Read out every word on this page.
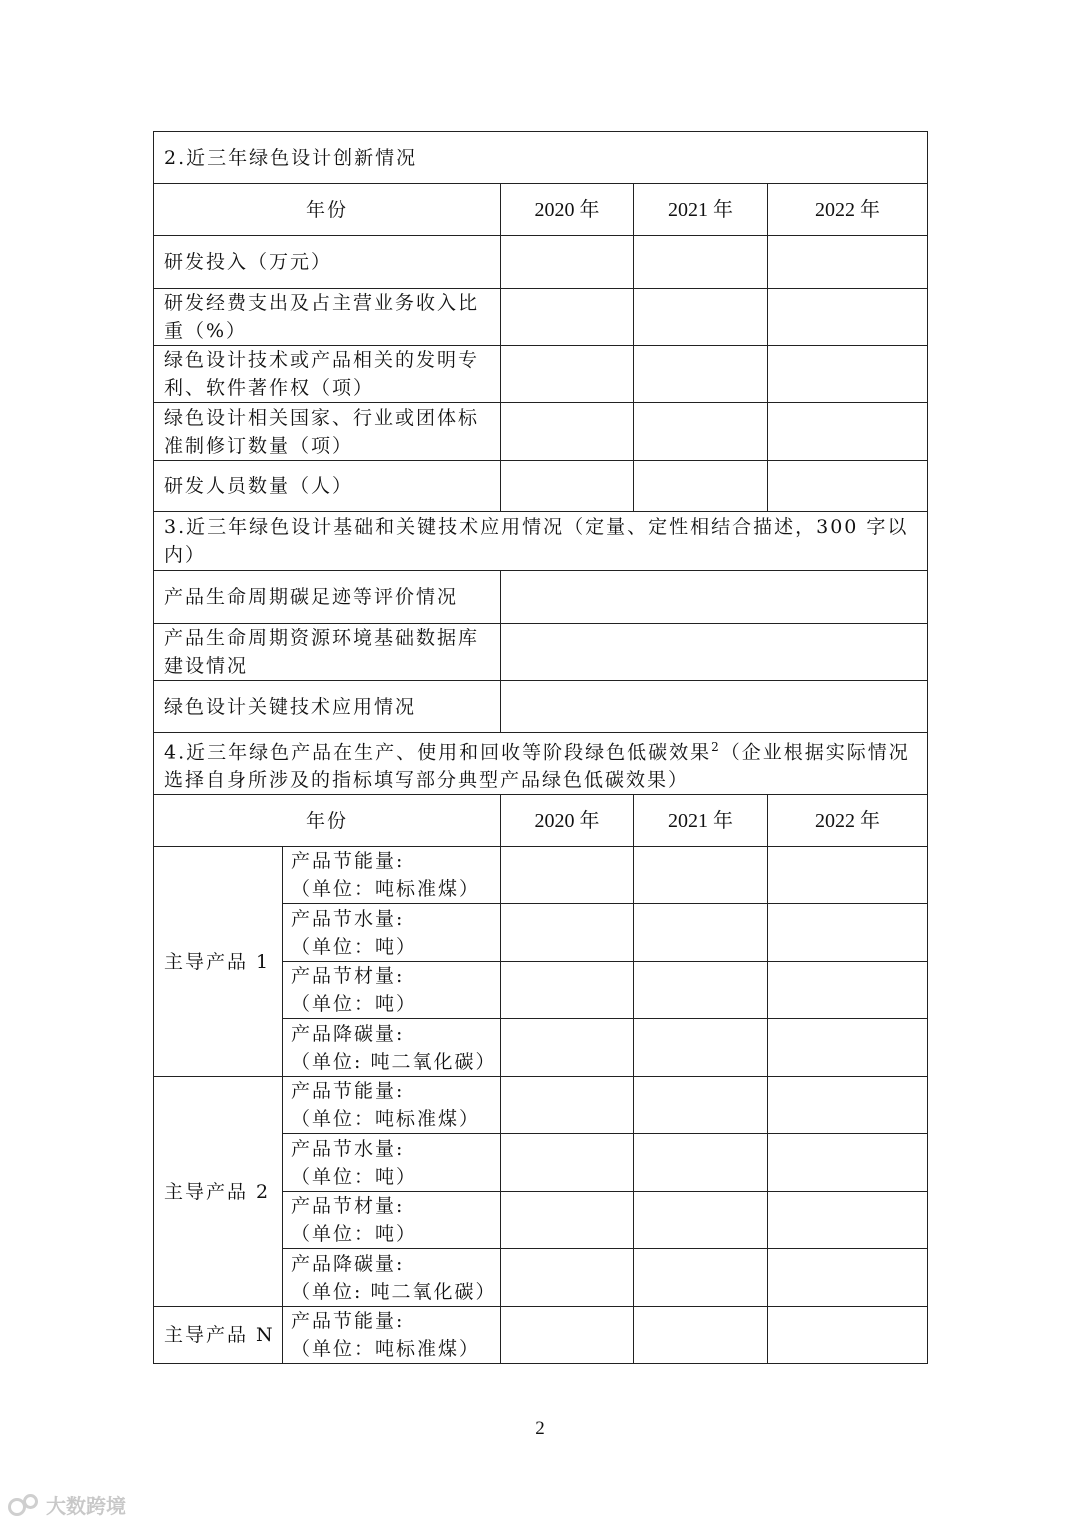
2.近三年绿色设计创新情况				
年份		2020 年	2021 年	2022 年
研发投入（万元）				
研发经费支出及占主营业务收入比重（%）				
绿色设计技术或产品相关的发明专利、软件著作权（项）				
绿色设计相关国家、行业或团体标准制修订数量（项）				
研发人员数量（人）				
3.近三年绿色设计基础和关键技术应用情况（定量、定性相结合描述，300 字以内）				
产品生命周期碳足迹等评价情况				
产品生命周期资源环境基础数据库建设情况				
绿色设计关键技术应用情况				
4.近三年绿色产品在生产、使用和回收等阶段绿色低碳效果$^2$（企业根据实际情况选择自身所涉及的指标填写部分典型产品绿色低碳效果）				
年份		2020 年	2021 年	2022 年
主导产品 1	产品节能量:
（单位：吨标准煤）			

	产品节水量:
（单位：吨）			

	产品节材量:
（单位：吨）			

	产品降碳量:
（单位: 吨二氧化碳）			

主导产品 2	产品节能量:
（单位：吨标准煤）			

	产品节水量:
（单位：吨）			

	产品节材量:
（单位：吨）			

	产品降碳量:
（单位: 吨二氧化碳）			

主导产品 N	产品节能量:
（单位：吨标准煤）			

2
大数跨境
